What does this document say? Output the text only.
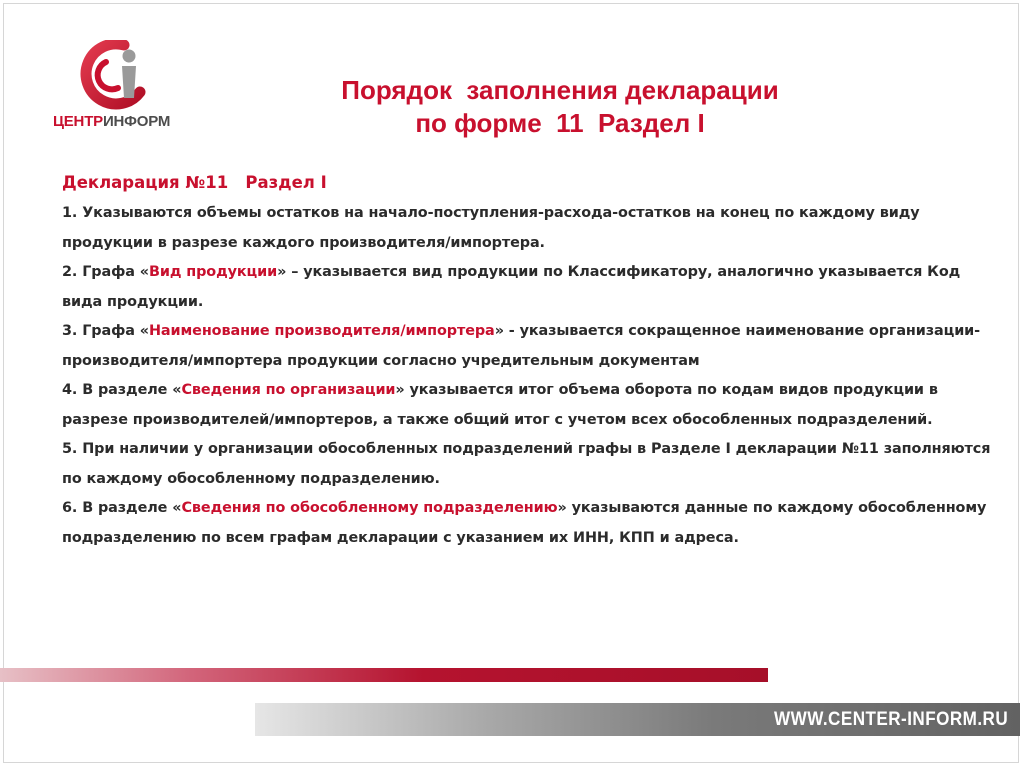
ЦЕНТРИНФОРМ
Порядок  заполнения декларации
по форме  11  Раздел I
Декларация №11   Раздел I

1. Указываются объемы остатков на начало-поступления-расхода-остатков на конец по каждому виду продукции в разрезе каждого производителя/импортера.

2. Графа «Вид продукции» – указывается вид продукции по Классификатору, аналогично указывается Код вида продукции.

3. Графа «Наименование производителя/импортера» - указывается сокращенное наименование организации-производителя/импортера продукции согласно учредительным документам

4. В разделе «Сведения по организации» указывается итог объема оборота по кодам видов продукции в разрезе производителей/импортеров, а также общий итог с учетом всех обособленных подразделений.

5. При наличии у организации обособленных подразделений графы в Разделе I декларации №11 заполняются по каждому обособленному подразделению.

6. В разделе «Сведения по обособленному подразделению» указываются данные по каждому обособленному подразделению по всем графам декларации с указанием их ИНН, КПП и адреса.

WWW.CENTER-INFORM.RU
